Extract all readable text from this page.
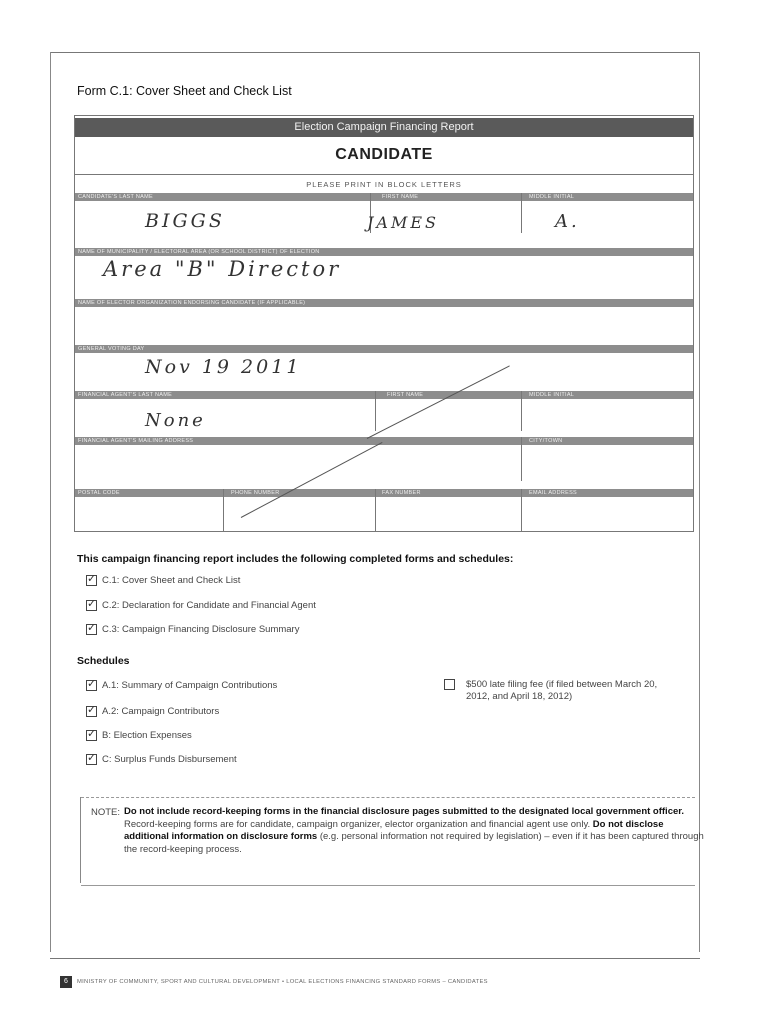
Form C.1: Cover Sheet and Check List
Election Campaign Financing Report
CANDIDATE
PLEASE PRINT IN BLOCK LETTERS
CANDIDATE'S LAST NAME	FIRST NAME	MIDDLE INITIAL
BIGGS	JAMES	A.
NAME OF MUNICIPALITY / ELECTORAL AREA (OR SCHOOL DISTRICT) OF ELECTION
Area "B" Director
NAME OF ELECTOR ORGANIZATION ENDORSING CANDIDATE (IF APPLICABLE)
GENERAL VOTING DAY
Nov 19 2011
FINANCIAL AGENT'S LAST NAME	FIRST NAME	MIDDLE INITIAL
None
FINANCIAL AGENT'S MAILING ADDRESS	CITY/TOWN
POSTAL CODE	PHONE NUMBER	FAX NUMBER	EMAIL ADDRESS
This campaign financing report includes the following completed forms and schedules:
✓ C.1: Cover Sheet and Check List
✓ C.2: Declaration for Candidate and Financial Agent
✓ C.3: Campaign Financing Disclosure Summary
Schedules
✓ A.1: Summary of Campaign Contributions
✓ A.2: Campaign Contributors
✓ B: Election Expenses
✓ C: Surplus Funds Disbursement
$500 late filing fee (if filed between March 20, 2012, and April 18, 2012)
NOTE: Do not include record-keeping forms in the financial disclosure pages submitted to the designated local government officer. Record-keeping forms are for candidate, campaign organizer, elector organization and financial agent use only. Do not disclose additional information on disclosure forms (e.g. personal information not required by legislation) – even if it has been captured through the record-keeping process.
6	MINISTRY OF COMMUNITY, SPORT AND CULTURAL DEVELOPMENT • LOCAL ELECTIONS FINANCING STANDARD FORMS – CANDIDATES
